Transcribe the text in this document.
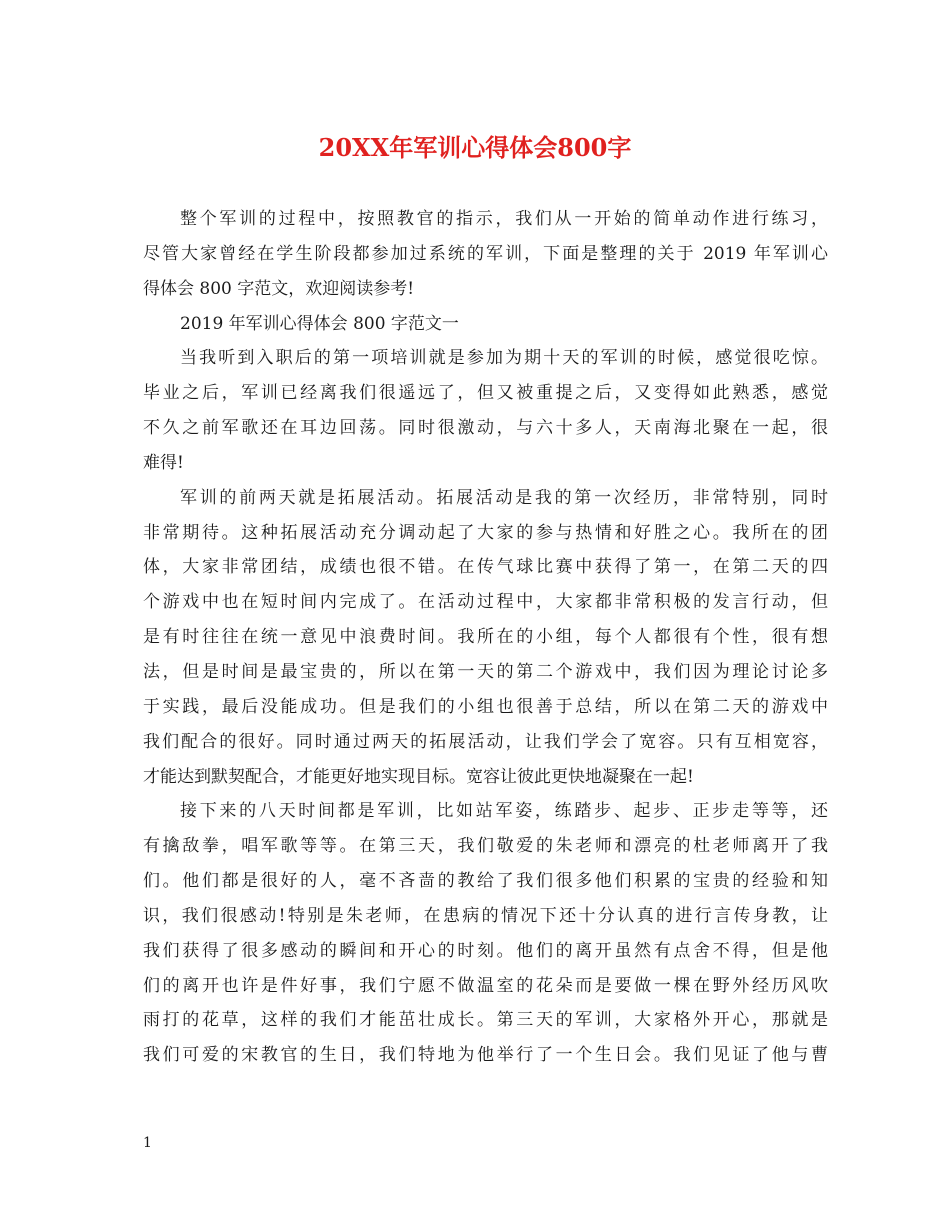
20XX年军训心得体会800字
整个军训的过程中，按照教官的指示，我们从一开始的简单动作进行练习，
尽管大家曾经在学生阶段都参加过系统的军训，下面是整理的关于 2019 年军训心
得体会 800 字范文，欢迎阅读参考!
2019 年军训心得体会 800 字范文一
当我听到入职后的第一项培训就是参加为期十天的军训的时候，感觉很吃惊。
毕业之后，军训已经离我们很遥远了，但又被重提之后，又变得如此熟悉，感觉
不久之前军歌还在耳边回荡。同时很激动，与六十多人，天南海北聚在一起，很
难得!
军训的前两天就是拓展活动。拓展活动是我的第一次经历，非常特别，同时
非常期待。这种拓展活动充分调动起了大家的参与热情和好胜之心。我所在的团
体，大家非常团结，成绩也很不错。在传气球比赛中获得了第一，在第二天的四
个游戏中也在短时间内完成了。在活动过程中，大家都非常积极的发言行动，但
是有时往往在统一意见中浪费时间。我所在的小组，每个人都很有个性，很有想
法，但是时间是最宝贵的，所以在第一天的第二个游戏中，我们因为理论讨论多
于实践，最后没能成功。但是我们的小组也很善于总结，所以在第二天的游戏中
我们配合的很好。同时通过两天的拓展活动，让我们学会了宽容。只有互相宽容，
才能达到默契配合，才能更好地实现目标。宽容让彼此更快地凝聚在一起!
接下来的八天时间都是军训，比如站军姿，练踏步、起步、正步走等等，还
有擒敌拳，唱军歌等等。在第三天，我们敬爱的朱老师和漂亮的杜老师离开了我
们。他们都是很好的人，毫不吝啬的教给了我们很多他们积累的宝贵的经验和知
识，我们很感动!特别是朱老师，在患病的情况下还十分认真的进行言传身教，让
我们获得了很多感动的瞬间和开心的时刻。他们的离开虽然有点舍不得，但是他
们的离开也许是件好事，我们宁愿不做温室的花朵而是要做一棵在野外经历风吹
雨打的花草，这样的我们才能茁壮成长。第三天的军训，大家格外开心，那就是
我们可爱的宋教官的生日，我们特地为他举行了一个生日会。我们见证了他与曹
1
